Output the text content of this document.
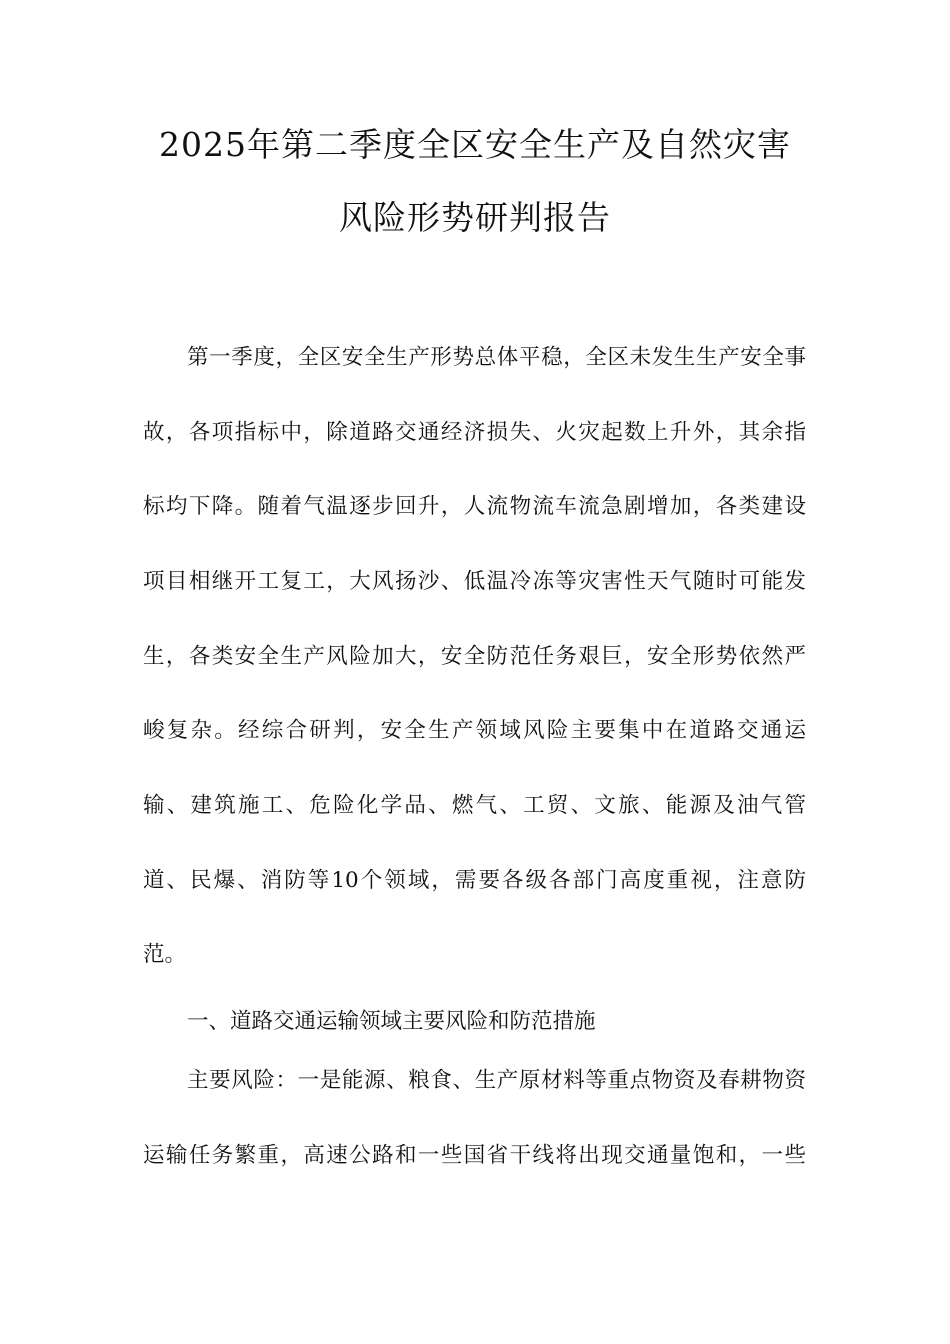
2025年第二季度全区安全生产及自然灾害
风险形势研判报告
第一季度，全区安全生产形势总体平稳，全区未发生生产安全事
故，各项指标中，除道路交通经济损失、火灾起数上升外，其余指
标均下降。随着气温逐步回升，人流物流车流急剧增加，各类建设
项目相继开工复工，大风扬沙、低温冷冻等灾害性天气随时可能发
生，各类安全生产风险加大，安全防范任务艰巨，安全形势依然严
峻复杂。经综合研判，安全生产领域风险主要集中在道路交通运
输、建筑施工、危险化学品、燃气、工贸、文旅、能源及油气管
道、民爆、消防等10个领域，需要各级各部门高度重视，注意防
范。
一、道路交通运输领域主要风险和防范措施
主要风险：一是能源、粮食、生产原材料等重点物资及春耕物资
运输任务繁重，高速公路和一些国省干线将出现交通量饱和，一些
